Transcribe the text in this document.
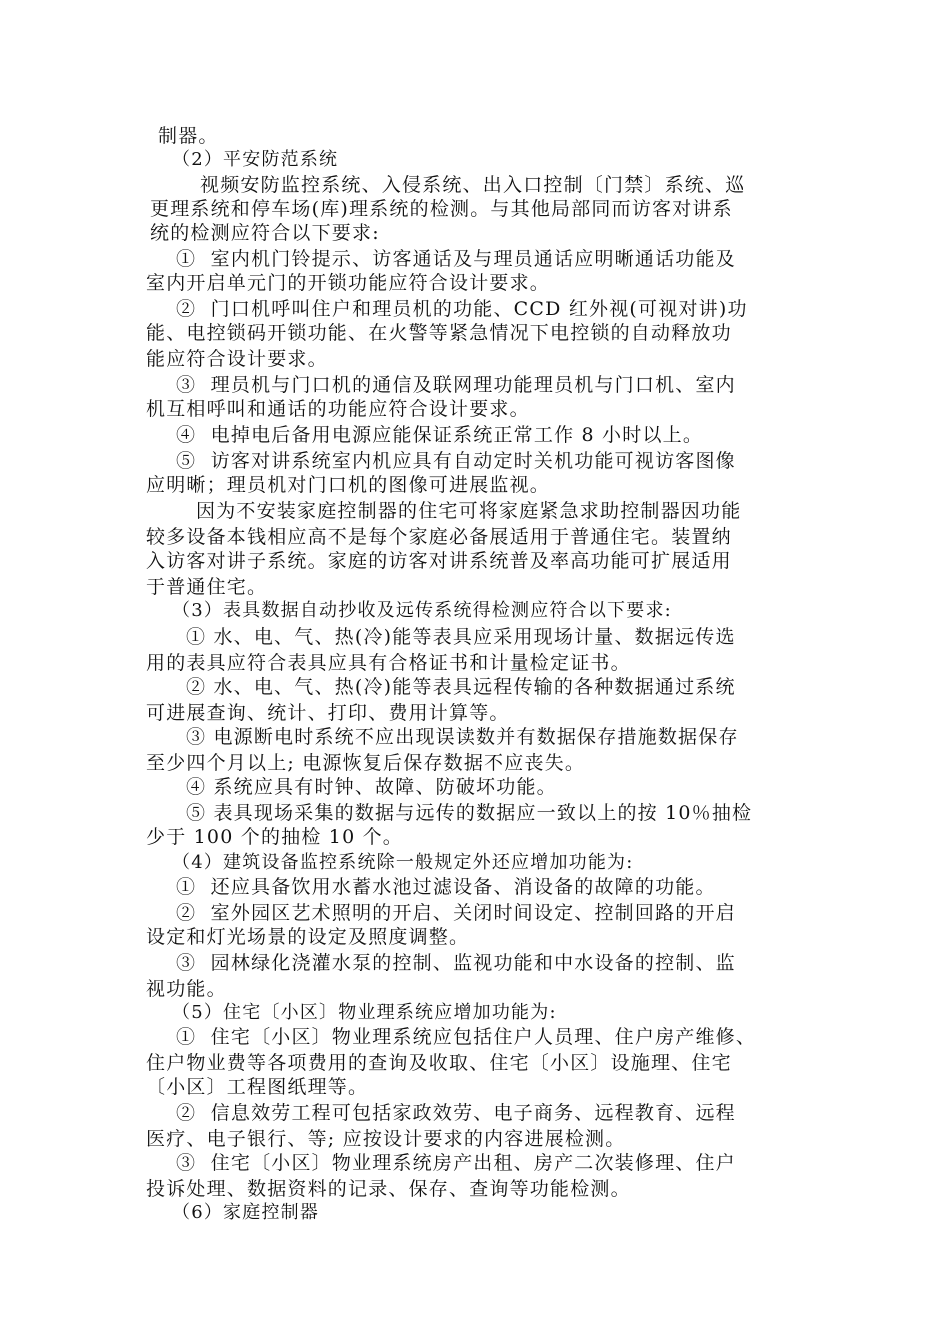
制器。
（2）平安防范系统
视频安防监控系统、入侵系统、出入口控制〔门禁〕系统、巡
更理系统和停车场(库)理系统的检测。与其他局部同而访客对讲系
统的检测应符合以下要求:
①  室内机门铃提示、访客通话及与理员通话应明晰通话功能及
室内开启单元门的开锁功能应符合设计要求。
②  门口机呼叫住户和理员机的功能、CCD 红外视(可视对讲)功
能、电控锁码开锁功能、在火警等紧急情况下电控锁的自动释放功
能应符合设计要求。
③  理员机与门口机的通信及联网理功能理员机与门口机、室内
机互相呼叫和通话的功能应符合设计要求。
④  电掉电后备用电源应能保证系统正常工作 8 小时以上。
⑤  访客对讲系统室内机应具有自动定时关机功能可视访客图像
应明晰；理员机对门口机的图像可进展监视。
因为不安装家庭控制器的住宅可将家庭紧急求助控制器因功能
较多设备本钱相应高不是每个家庭必备展适用于普通住宅。装置纳
入访客对讲子系统。家庭的访客对讲系统普及率高功能可扩展适用
于普通住宅。
（3）表具数据自动抄收及远传系统得检测应符合以下要求:
① 水、电、气、热(冷)能等表具应采用现场计量、数据远传选
用的表具应符合表具应具有合格证书和计量检定证书。
② 水、电、气、热(冷)能等表具远程传输的各种数据通过系统
可进展查询、统计、打印、费用计算等。
③ 电源断电时系统不应出现误读数并有数据保存措施数据保存
至少四个月以上; 电源恢复后保存数据不应丧失。
④ 系统应具有时钟、故障、防破坏功能。
⑤ 表具现场采集的数据与远传的数据应一致以上的按 10％抽检
少于 100 个的抽检 10 个。
（4）建筑设备监控系统除一般规定外还应增加功能为:
①  还应具备饮用水蓄水池过滤设备、消设备的故障的功能。
②  室外园区艺术照明的开启、关闭时间设定、控制回路的开启
设定和灯光场景的设定及照度调整。
③  园林绿化浇灌水泵的控制、监视功能和中水设备的控制、监
视功能。
（5）住宅〔小区〕物业理系统应增加功能为:
①  住宅〔小区〕物业理系统应包括住户人员理、住户房产维修、
住户物业费等各项费用的查询及收取、住宅〔小区〕设施理、住宅
〔小区〕工程图纸理等。
②  信息效劳工程可包括家政效劳、电子商务、远程教育、远程
医疗、电子银行、等; 应按设计要求的内容进展检测。
③  住宅〔小区〕物业理系统房产出租、房产二次装修理、住户
投诉处理、数据资料的记录、保存、查询等功能检测。
（6）家庭控制器
